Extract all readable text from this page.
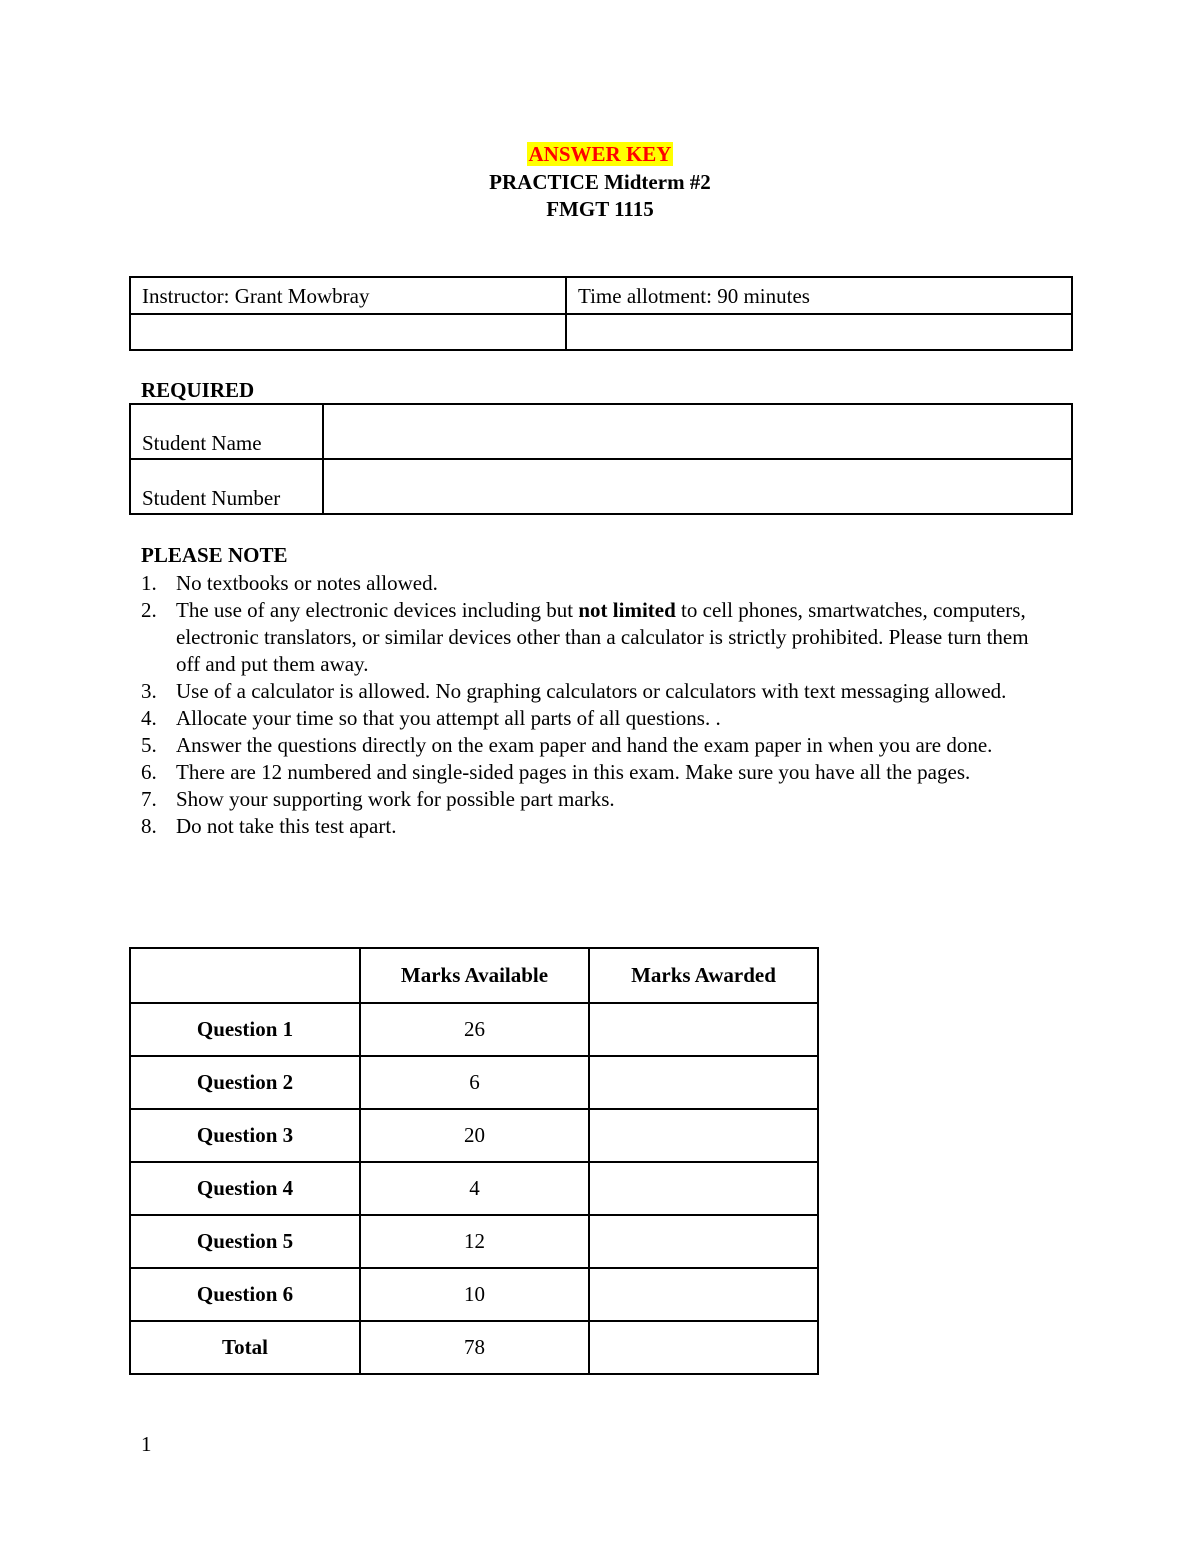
ANSWER KEY
PRACTICE Midterm #2
FMGT 1115
Instructor: Grant Mowbray	Time allotment: 90 minutes

REQUIRED
Student Name	
Student Number	
PLEASE NOTE
1. No textbooks or notes allowed.
2. The use of any electronic devices including but not limited to cell phones, smartwatches, computers, electronic translators, or similar devices other than a calculator is strictly prohibited. Please turn them off and put them away.
3. Use of a calculator is allowed. No graphing calculators or calculators with text messaging allowed.
4. Allocate your time so that you attempt all parts of all questions. .
5. Answer the questions directly on the exam paper and hand the exam paper in when you are done.
6. There are 12 numbered and single-sided pages in this exam. Make sure you have all the pages.
7. Show your supporting work for possible part marks.
8. Do not take this test apart.
	Marks Available	Marks Awarded
Question 1	26	
Question 2	6	
Question 3	20	
Question 4	4	
Question 5	12	
Question 6	10	
Total	78	
1
